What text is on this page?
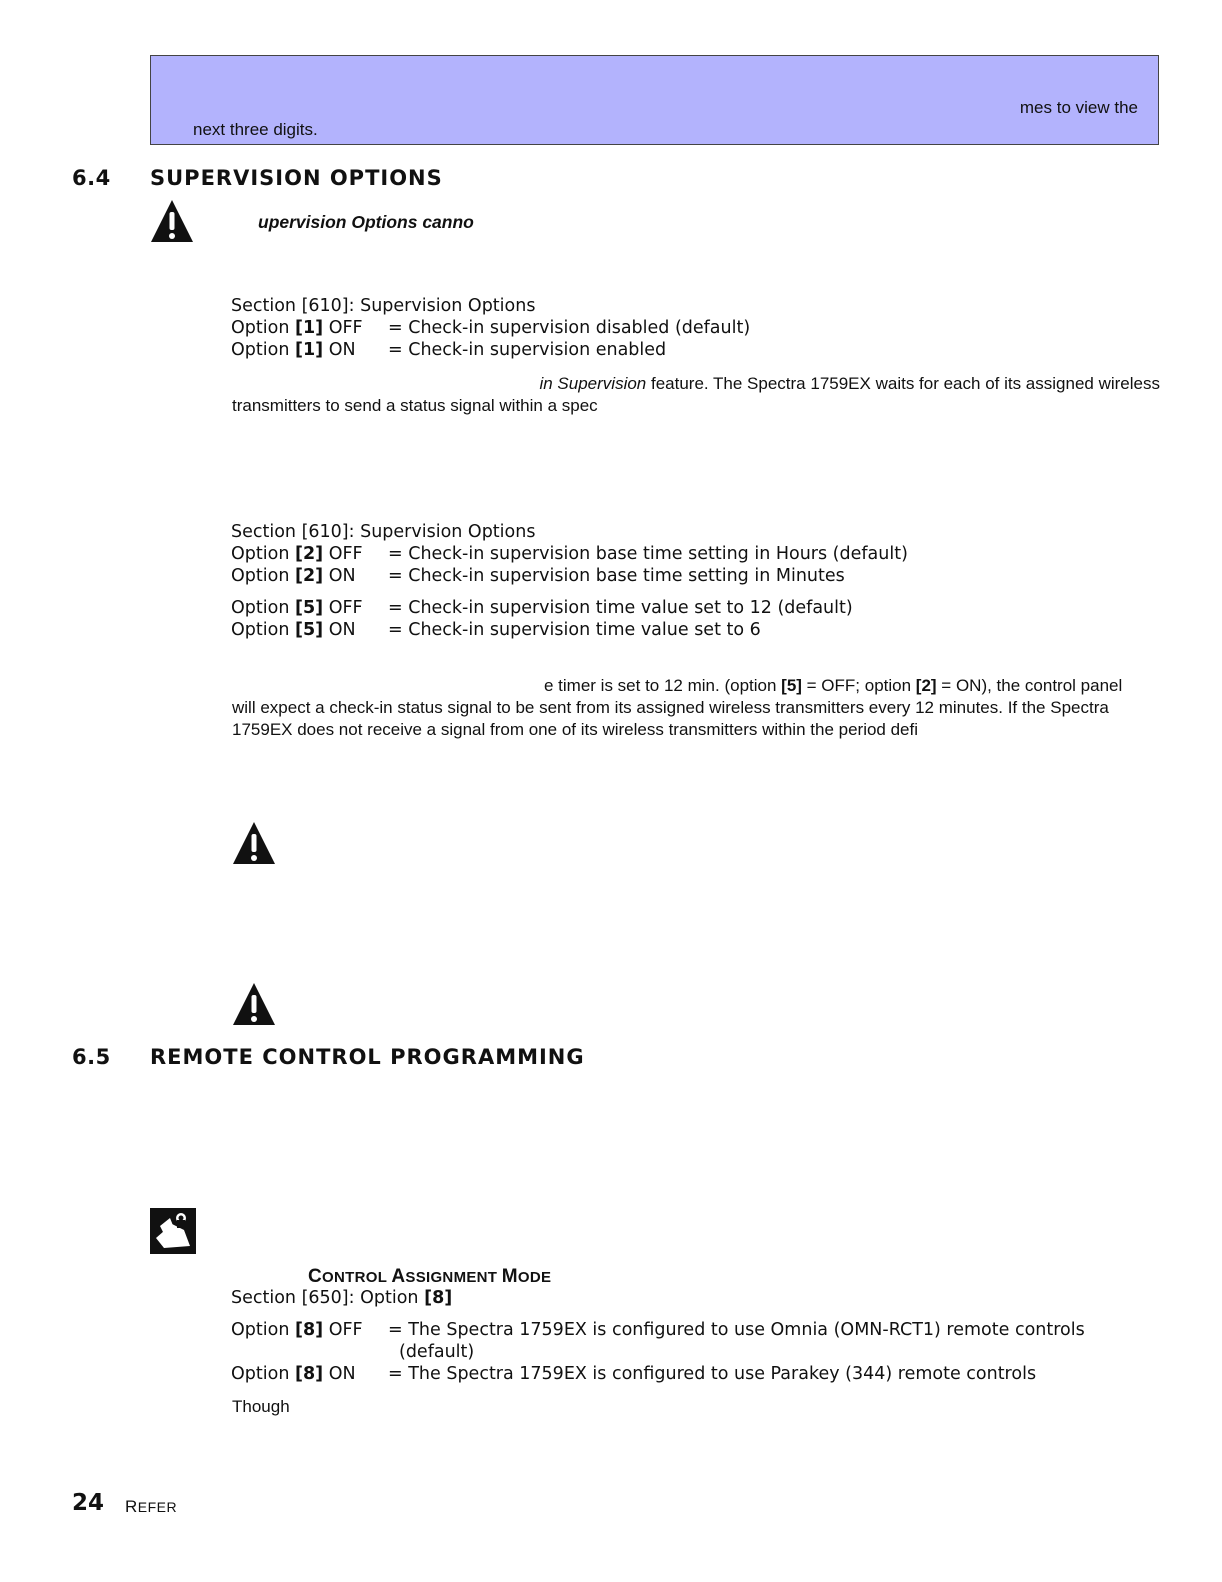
mes to view the
next three digits.
6.4 SUPERVISION OPTIONS
upervision Options canno
Section [610]: Supervision Options
Option [1] OFF = Check-in supervision disabled (default)
Option [1] ON = Check-in supervision enabled
in Supervision feature. The Spectra 1759EX waits for each of its assigned wireless
transmitters to send a status signal within a spec
Section [610]: Supervision Options
Option [2] OFF = Check-in supervision base time setting in Hours (default)
Option [2] ON = Check-in supervision base time setting in Minutes
Option [5] OFF = Check-in supervision time value set to 12 (default)
Option [5] ON = Check-in supervision time value set to 6
e timer is set to 12 min. (option [5] = OFF; option [2] = ON), the control panel
will expect a check-in status signal to be sent from its assigned wireless transmitters every 12 minutes. If the Spectra
1759EX does not receive a signal from one of its wireless transmitters within the period defi
6.5 REMOTE CONTROL PROGRAMMING
CONTROL ASSIGNMENT MODE
Section [650]: Option [8]
Option [8] OFF = The Spectra 1759EX is configured to use Omnia (OMN-RCT1) remote controls
(default)
Option [8] ON = The Spectra 1759EX is configured to use Parakey (344) remote controls
Though
24 REFER
